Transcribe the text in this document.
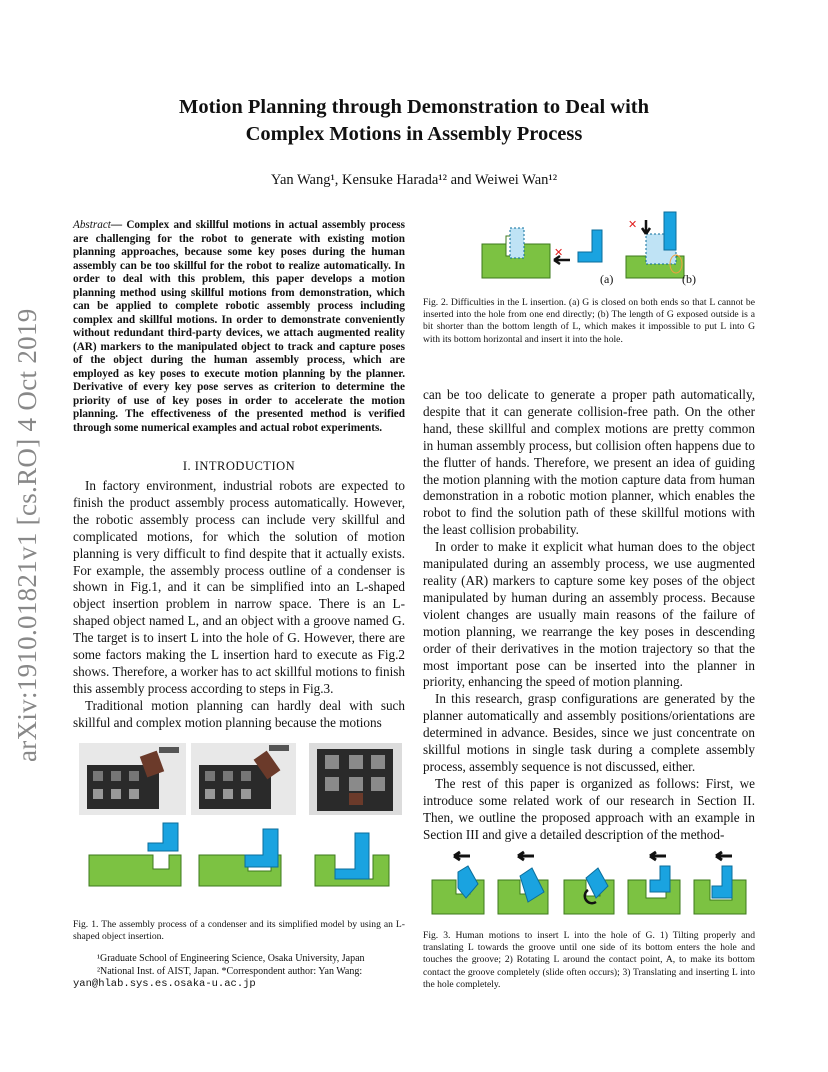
arXiv:1910.01821v1 [cs.RO] 4 Oct 2019
Motion Planning through Demonstration to Deal with
Complex Motions in Assembly Process
Yan Wang¹, Kensuke Harada¹² and Weiwei Wan¹²
Abstract— Complex and skillful motions in actual assembly process are challenging for the robot to generate with existing motion planning approaches, because some key poses during the human assembly can be too skillful for the robot to realize automatically. In order to deal with this problem, this paper develops a motion planning method using skillful motions from demonstration, which can be applied to complete robotic assembly process including complex and skillful motions. In order to demonstrate conveniently without redundant third-party devices, we attach augmented reality (AR) markers to the manipulated object to track and capture poses of the object during the human assembly process, which are employed as key poses to execute motion planning by the planner. Derivative of every key pose serves as criterion to determine the priority of use of key poses in order to accelerate the motion planning. The effectiveness of the presented method is verified through some numerical examples and actual robot experiments.
I. INTRODUCTION

In factory environment, industrial robots are expected to finish the product assembly process automatically. However, the robotic assembly process can include very skillful and complicated motions, for which the solution of motion planning is very difficult to find despite that it actually exists. For example, the assembly process outline of a condenser is shown in Fig.1, and it can be simplified into an L-shaped object insertion problem in narrow space. There is an L-shaped object named L, and an object with a groove named G. The target is to insert L into the hole of G. However, there are some factors making the L insertion hard to execute as Fig.2 shows. Therefore, a worker has to act skillful motions to finish this assembly process according to steps in Fig.3.

Traditional motion planning can hardly deal with such skillful and complex motion planning because the motions

Fig. 1. The assembly process of a condenser and its simplified model by using an L-shaped object insertion.
¹Graduate School of Engineering Science, Osaka University, Japan
²National Inst. of AIST, Japan. *Correspondent author: Yan Wang:
yan@hlab.sys.es.osaka-u.ac.jp
✕
✕
(a)	(b)
Fig. 2. Difficulties in the L insertion. (a) G is closed on both ends so that L cannot be inserted into the hole from one end directly; (b) The length of G exposed outside is a bit shorter than the bottom length of L, which makes it impossible to put L into G with its bottom horizontal and insert it into the hole.

can be too delicate to generate a proper path automatically, despite that it can generate collision-free path. On the other hand, these skillful and complex motions are pretty common in human assembly process, but collision often happens due to the flutter of hands. Therefore, we present an idea of guiding the motion planning with the motion capture data from human demonstration in a robotic motion planner, which enables the robot to find the solution path of these skillful motions with the least collision probability.

In order to make it explicit what human does to the object manipulated during an assembly process, we use augmented reality (AR) markers to capture some key poses of the object manipulated by human during an assembly process. Because violent changes are usually main reasons of the failure of motion planning, we rearrange the key poses in descending order of their derivatives in the motion trajectory so that the most important pose can be inserted into the planner in priority, enhancing the speed of motion planning.

In this research, grasp configurations are generated by the planner automatically and assembly positions/orientations are determined in advance. Besides, since we just concentrate on skillful motions in single task during a complete assembly process, assembly sequence is not discussed, either.

The rest of this paper is organized as follows: First, we introduce some related work of our research in Section II. Then, we outline the proposed approach with an example in Section III and give a detailed description of the method-

Fig. 3. Human motions to insert L into the hole of G. 1) Tilting properly and translating L towards the groove until one side of its bottom enters the hole and touches the groove; 2) Rotating L around the contact point, A, to make its bottom contact the groove completely (slide often occurs); 3) Translating and inserting L into the hole completely.
